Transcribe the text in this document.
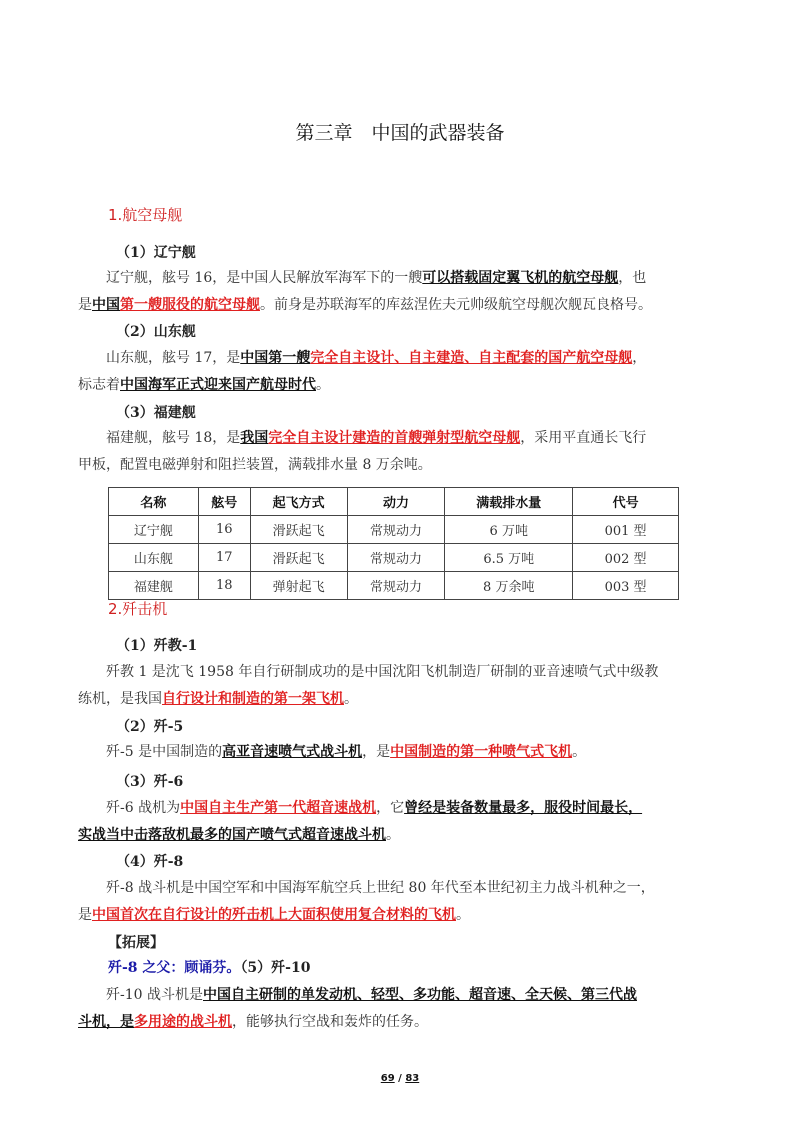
第三章　中国的武器装备
1.航空母舰
（1）辽宁舰

辽宁舰，舷号 16，是中国人民解放军海军下的一艘可以搭载固定翼飞机的航空母舰，也

是中国第一艘服役的航空母舰。前身是苏联海军的库兹涅佐夫元帅级航空母舰次舰瓦良格号。

（2）山东舰

山东舰，舷号 17，是中国第一艘完全自主设计、自主建造、自主配套的国产航空母舰，

标志着中国海军正式迎来国产航母时代。

（3）福建舰

福建舰，舷号 18，是我国完全自主设计建造的首艘弹射型航空母舰，采用平直通长飞行

甲板，配置电磁弹射和阻拦装置，满载排水量 8 万余吨。

名称	舷号	起飞方式	动力	满载排水量	代号
辽宁舰	16	滑跃起飞	常规动力	6 万吨	001 型
山东舰	17	滑跃起飞	常规动力	6.5 万吨	002 型
福建舰	18	弹射起飞	常规动力	8 万余吨	003 型
2.歼击机
（1）歼教-1

歼教 1 是沈飞 1958 年自行研制成功的是中国沈阳飞机制造厂研制的亚音速喷气式中级教

练机，是我国自行设计和制造的第一架飞机。

（2）歼-5

歼-5 是中国制造的高亚音速喷气式战斗机，是中国制造的第一种喷气式飞机。

（3）歼-6

歼-6 战机为中国自主生产第一代超音速战机，它曾经是装备数量最多，服役时间最长，

实战当中击落敌机最多的国产喷气式超音速战斗机。

（4）歼-8

歼-8 战斗机是中国空军和中国海军航空兵上世纪 80 年代至本世纪初主力战斗机种之一，

是中国首次在自行设计的歼击机上大面积使用复合材料的飞机。

【拓展】

歼-8 之父：顾诵芬。（5）歼-10

歼-10 战斗机是中国自主研制的单发动机、轻型、多功能、超音速、全天候、第三代战

斗机，是多用途的战斗机，能够执行空战和轰炸的任务。

69 / 83
